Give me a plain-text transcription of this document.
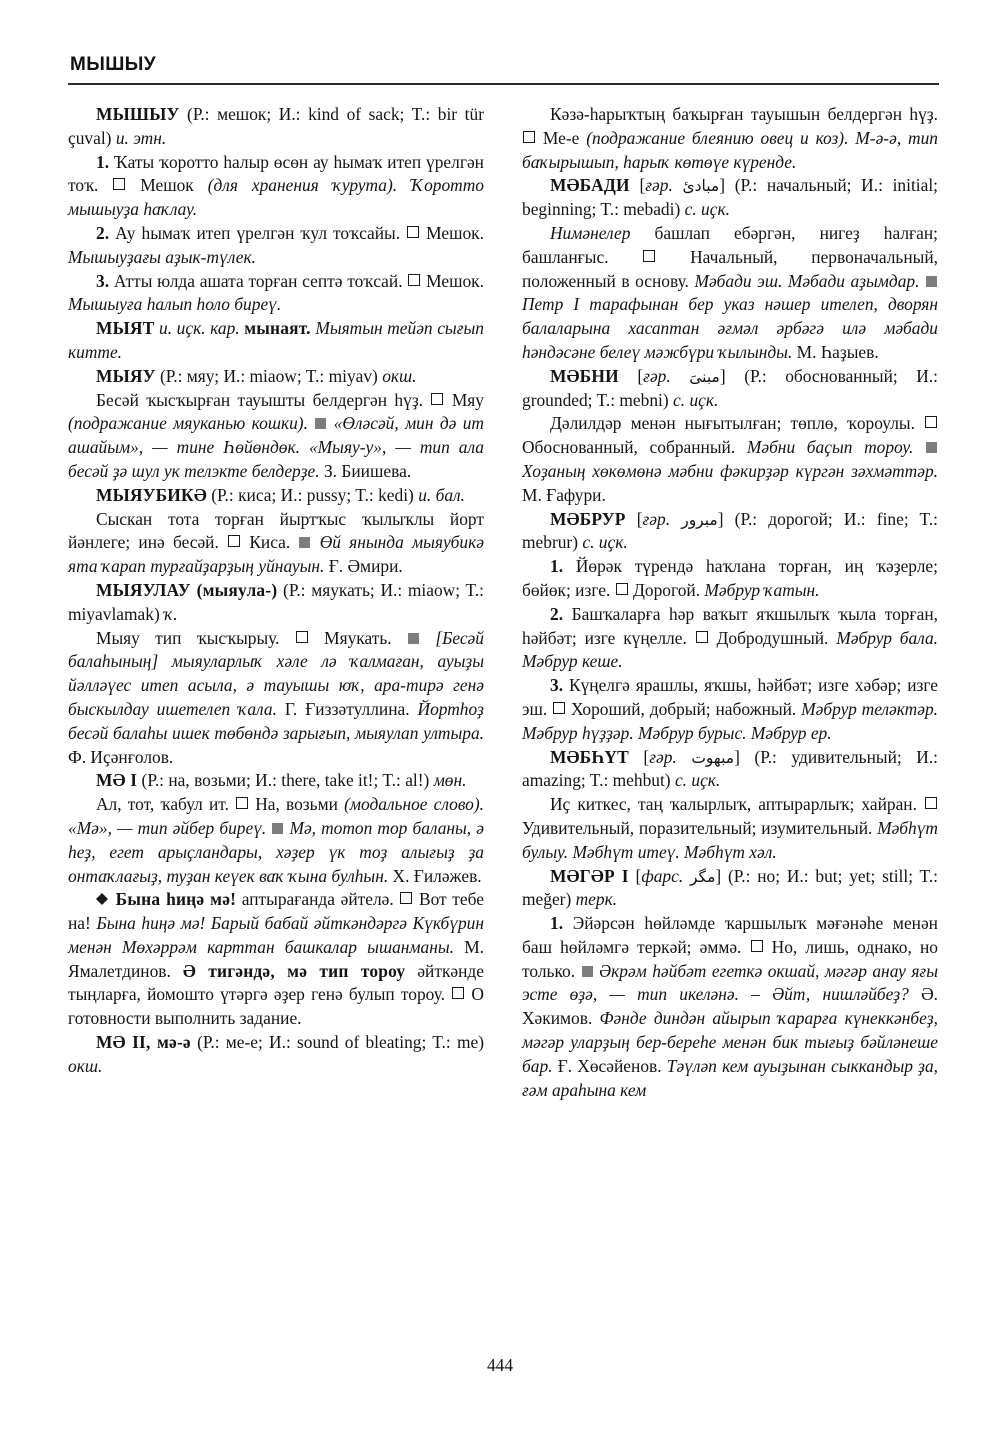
МЫШЫУ

МЫШЫУ (Р.: мешок; И.: kind of sack; T.: bir tür çuval) и. этн.

1. Ҡаты ҡоротто һалыр өсөн ау һымаҡ итеп үрелгән тоҡ. Мешок (для хранения ҡурута). Ҡоротто мышыуҙа һаҡлау.

2. Ау һымаҡ итеп үрелгән ҡул тоҡсайы. Мешок. Мышыуҙағы аҙык-түлек.

3. Атты юлда ашата торған септә тоҡсай. Мешок. Мышыуға һалып һоло биреү.

МЫЯТ и. иҫк. кар. мынаят. Мыятын тейәп сығып китте.

МЫЯУ (Р.: мяу; И.: miaow; T.: miyav) окш.

Бесәй ҡысҡырған тауышты белдергән һүҙ. Мяу (подражание мяуканью кошки). «Өләсәй, мин дә ит ашайым», — тине Һөйөндөк. «Мыяу-у», — тип ала бесәй ҙә шул ук телэкте белдерҙе. З. Биишева.

МЫЯУБИКӘ (Р.: киса; И.: pussy; T.: kedi) и. бал.

Сыскан тота торған йыртҡыс ҡылыҡлы йорт йәнлеге; инә бесәй. Киса. Өй янында мыяубикә ята ҡарап турғайҙарҙың уйнауын. Ғ. Әмири.

МЫЯУЛАУ (мыяула-) (Р.: мяукать; И.: miaow; T.: miyavlamak) ҡ.

Мыяу тип ҡысҡырыу.	Мяукать.	[Бесәй балаһының] мыяуларлыҡ хәле лә ҡалмаған, ауыҙы йәлләүес итеп асыла, ә тауышы юҡ, ара-тирә генә быскылдау ишетелеп ҡала. Г. Ғиззәтуллина. Йортһоҙ бесәй балаһы ишек төбөндә зарығып, мыяулап ултыра. Ф. Иҫәнғолов.

МӘ I (Р.: на, возьми; И.: there, take it!; T.: al!) мөн.

Ал, тот, ҡабул ит. На, возьми (модальное слово). «Мә», — тип әйбер биреү. Мә, тотоп тор баланы, ә һеҙ, егет арыҫландары, хәҙер үк тоҙ алығыҙ ҙа онтаҡлағыҙ, туҙан кеүек ваҡ ҡына булһын. Х. Ғиләжев.

Бына һиңә мә! аптырағанда әйтелә. Вот тебе на! Бына һиңә мә! Барый бабай әйткәндәргә Күкбүрин менән Мөхәррәм карттан башкалар ышанманы. М. Ямалетдинов. Ә тигәндә, мә тип тороу әйткәнде тыңларға, йомошто үтәргә әҙер генә булып тороу. О готовности выполнить задание.

МӘ II, мә-ә (Р.: ме-е; И.: sound of bleating; T.: me) окш.

Кәзә-һарыҡтың баҡырған тауышын белдергән һүҙ.  Ме-е (подражание блеянию овец и коз). М-ә-ә, тип баҡырышып, һарыҡ көтөүе күренде.

МӘБАДИ [ғәр. مبادئ] (Р.: начальный; И.: initial; beginning; T.: mebadi) с. иҫк.

Нимәнелер башлап ебәргән, нигеҙ һалған; башланғыс.	Начальный, первоначальный, положенный в основу. Мәбади эш. Мәбади аҙымдар.  Петр I тарафынан бер указ нәшер ителеп, дворян балаларына хасаптан әғмәл әрбәгә илә мәбади һәндәсәне белеү мәжбүри ҡылынды. М. Һаҙыев.

МӘБНИ [ғәр. مبنىَ] (Р.: обоснованный; И.: grounded; T.: mebni) с. иҫк.

Дәлилдәр менән нығытылған; төплө, ҡороулы.  Обоснованный, собранный. Мәбни баҫып тороу.  Хоҙаның хөкөмөнә мәбни фәкирҙәр күргән зәхмәттәр. М. Ғафури.

МӘБРУР [ғәр. مبرور] (Р.: дорогой; И.: fine; T.: mebrur) с. иҫк.

1. Йөрәк түрендә һаҡлана торған, иң ҡәҙерле; бөйөк; изге. Дорогой. Мәбрур ҡатын.

2. Башҡаларға һәр ваҡыт яҡшылыҡ ҡыла торған, һәйбәт; изге күңелле. Добродушный. Мәбрур бала. Мәбрур кеше.

3. Күңелгә ярашлы, яҡшы, һәйбәт; изге хәбәр; изге эш. Хороший, добрый; набожный. Мәбрур теләктәр. Мәбрур һүҙҙәр. Мәбрур бурыс. Мәбрур ер.

МӘБҺҮТ [ғәр. مبهوت] (Р.: удивительный; И.: amazing; T.: mehbut) с. иҫк.

Иҫ киткес, таң ҡалырлыҡ, аптырарлыҡ; хайран.  Удивительный, поразительный; изумительный. Мәбһүт булыу. Мәбһүт итеү. Мәбһүт хәл.

МӘГӘР I [фарс. مگر] (Р.: но; И.: but; yet; still; T.: meğer) терк.

1. Эйәрсән һөйләмде ҡаршылыҡ мәғәнәһе менән баш һөйләмгә теркәй; әммә. Но, лишь, однако, но только. Әкрәм һәйбәт егеткә окшай, мәгәр анау яғы эсте өҙә, — тип икеләнә. – Әйт, нишләйбеҙ? Ә. Хәкимов. Фәнде диндән айырып ҡарарға күнеккәнбеҙ, мәгәр уларҙың бер-береһе менән бик тығыҙ бәйләнеше бар. Ғ. Хөсәйенов. Тәүләп кем ауыҙынан сыккандыр ҙа, ғәм араһына кем

444
